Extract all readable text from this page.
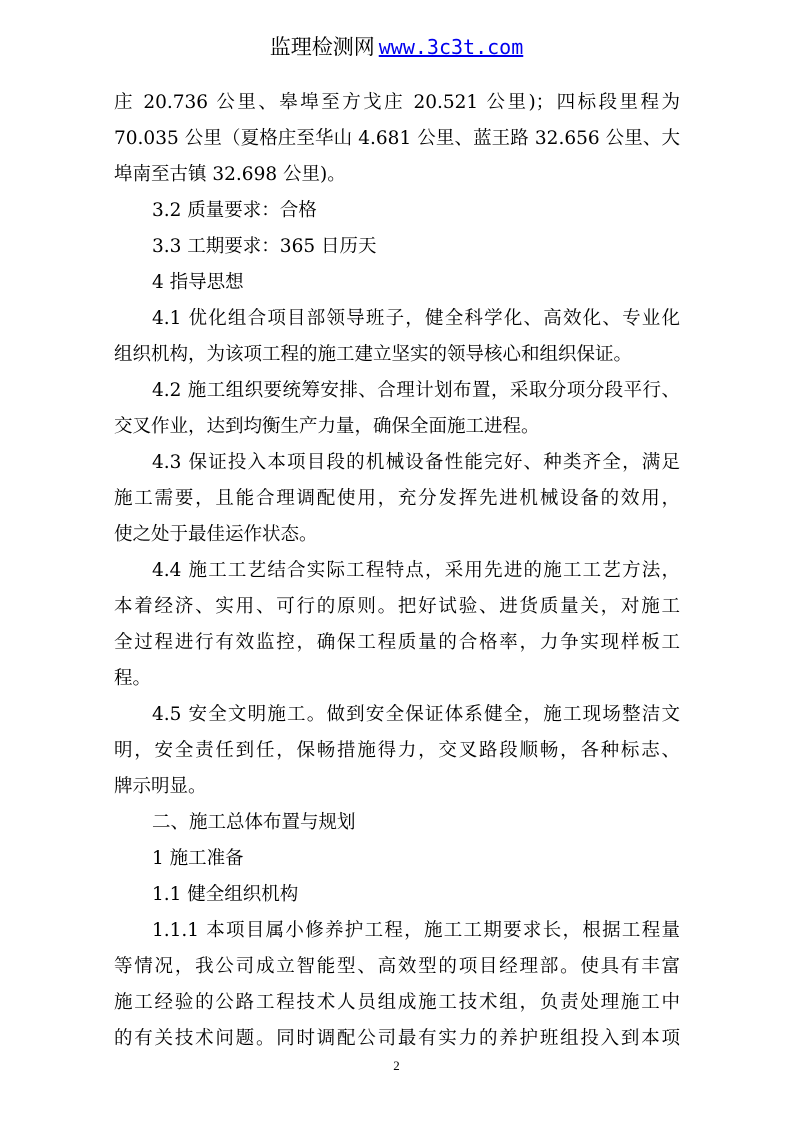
监理检测网 www.3c3t.com
庄 20.736 公里、皋埠至方戈庄 20.521 公里)；四标段里程为
70.035 公里（夏格庄至华山 4.681 公里、蓝王路 32.656 公里、大
埠南至古镇 32.698 公里)。
3.2 质量要求：合格
3.3 工期要求：365 日历天
4 指导思想
4.1 优化组合项目部领导班子，健全科学化、高效化、专业化
组织机构，为该项工程的施工建立坚实的领导核心和组织保证。
4.2 施工组织要统筹安排、合理计划布置，采取分项分段平行、
交叉作业，达到均衡生产力量，确保全面施工进程。
4.3 保证投入本项目段的机械设备性能完好、种类齐全，满足
施工需要，且能合理调配使用，充分发挥先进机械设备的效用，
使之处于最佳运作状态。
4.4 施工工艺结合实际工程特点，采用先进的施工工艺方法，
本着经济、实用、可行的原则。把好试验、进货质量关，对施工
全过程进行有效监控，确保工程质量的合格率，力争实现样板工
程。
4.5 安全文明施工。做到安全保证体系健全，施工现场整洁文
明，安全责任到任，保畅措施得力，交叉路段顺畅，各种标志、
牌示明显。
二、施工总体布置与规划
1 施工准备
1.1 健全组织机构
1.1.1 本项目属小修养护工程，施工工期要求长，根据工程量
等情况，我公司成立智能型、高效型的项目经理部。使具有丰富
施工经验的公路工程技术人员组成施工技术组，负责处理施工中
的有关技术问题。同时调配公司最有实力的养护班组投入到本项
2
